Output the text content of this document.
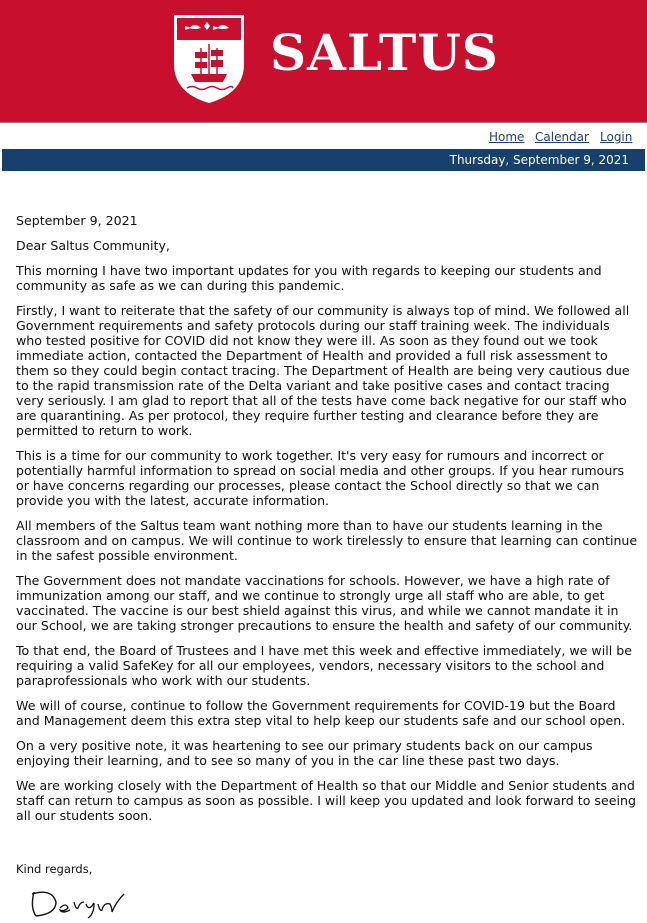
SALTUS
Home Calendar Login
Thursday, September 9, 2021

September 9, 2021

Dear Saltus Community,

This morning I have two important updates for you with regards to keeping our students and community as safe as we can during this pandemic.

Firstly, I want to reiterate that the safety of our community is always top of mind. We followed all Government requirements and safety protocols during our staff training week. The individuals who tested positive for COVID did not know they were ill. As soon as they found out we took immediate action, contacted the Department of Health and provided a full risk assessment to them so they could begin contact tracing. The Department of Health are being very cautious due to the rapid transmission rate of the Delta variant and take positive cases and contact tracing very seriously. I am glad to report that all of the tests have come back negative for our staff who are quarantining. As per protocol, they require further testing and clearance before they are permitted to return to work.

This is a time for our community to work together. It's very easy for rumours and incorrect or potentially harmful information to spread on social media and other groups. If you hear rumours or have concerns regarding our processes, please contact the School directly so that we can provide you with the latest, accurate information.

All members of the Saltus team want nothing more than to have our students learning in the classroom and on campus. We will continue to work tirelessly to ensure that learning can continue in the safest possible environment.

The Government does not mandate vaccinations for schools. However, we have a high rate of immunization among our staff, and we continue to strongly urge all staff who are able, to get vaccinated. The vaccine is our best shield against this virus, and while we cannot mandate it in our School, we are taking stronger precautions to ensure the health and safety of our community.

To that end, the Board of Trustees and I have met this week and effective immediately, we will be requiring a valid SafeKey for all our employees, vendors, necessary visitors to the school and paraprofessionals who work with our students.

We will of course, continue to follow the Government requirements for COVID-19 but the Board and Management deem this extra step vital to help keep our students safe and our school open.

On a very positive note, it was heartening to see our primary students back on our campus enjoying their learning, and to see so many of you in the car line these past two days.

We are working closely with the Department of Health so that our Middle and Senior students and staff can return to campus as soon as possible. I will keep you updated and look forward to seeing all our students soon.

Kind regards,
